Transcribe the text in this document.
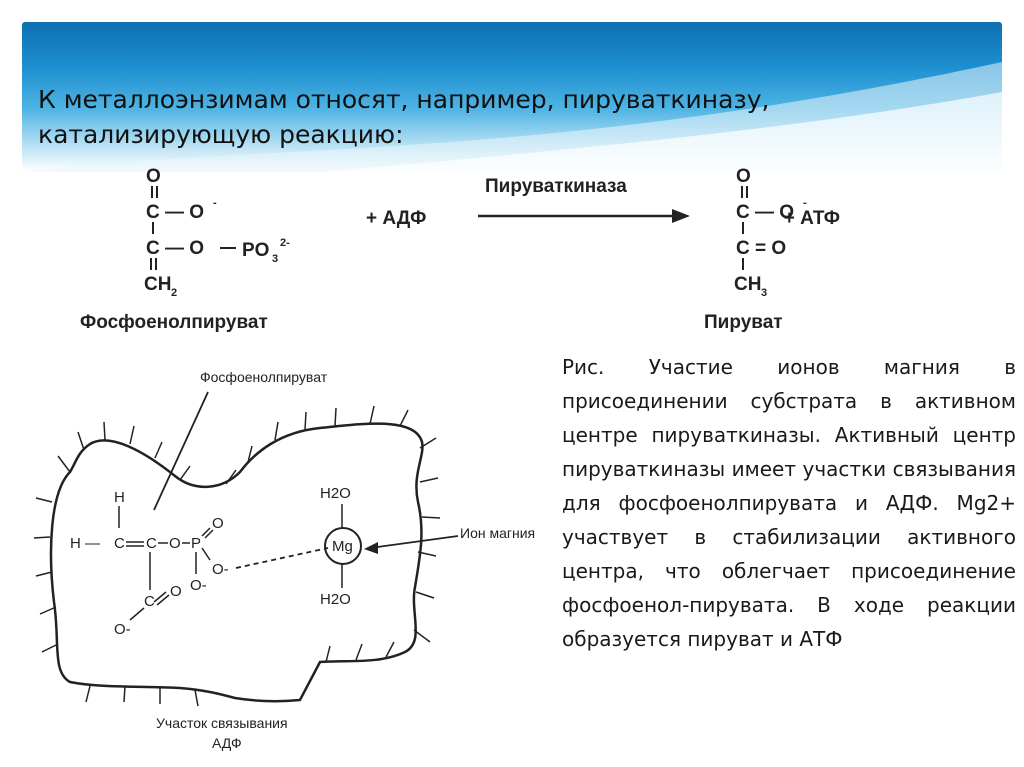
К металлоэнзимам относят, например, пируваткиназу,
катализирующую реакцию:
O
C — O -
C — O PO 3
2-
CH 2
Фосфоенолпируват
+ АДФ
Пируваткиназа	O
C — O -
C = O
CH 3
+ АТФ
Пируват
Фосфоенолпируват
H
H — C C O P
O
O-
O-
C
O
O-
H2O
Mg
H2O
Ион магния
Участок связывания
АДФ

Рис. Участие ионов магния в присоединении субстрата в активном центре пируваткиназы. Активный центр пируваткиназы имеет участки связывания для фосфоенолпирувата и АДФ. Mg2+ участвует в стабилизации активного центра, что облегчает присоединение фосфоенол-пирувата. В ходе реакции образуется пируват и АТФ
